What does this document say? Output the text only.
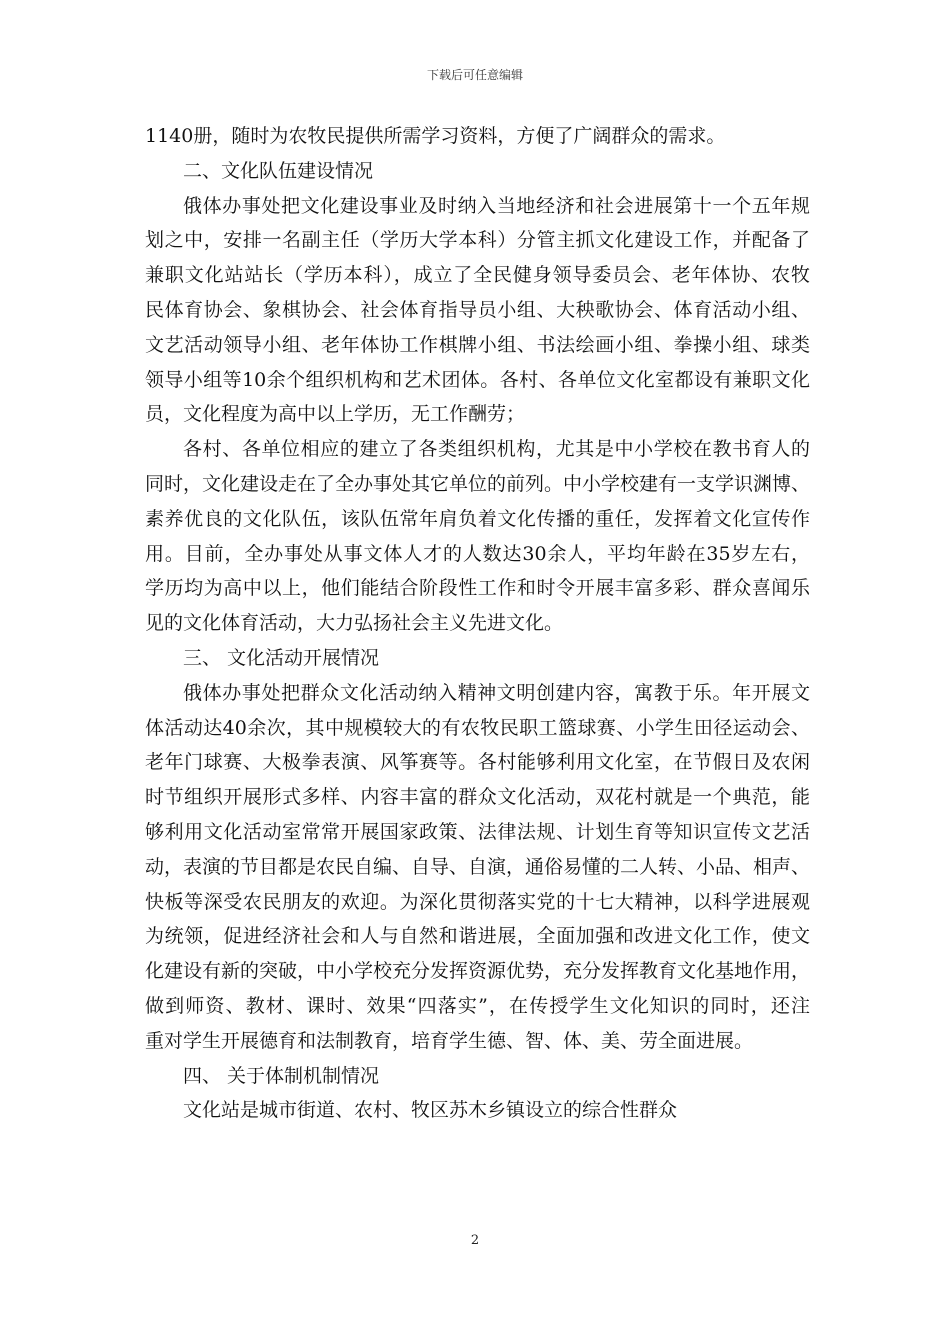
下载后可任意编辑
1140册，随时为农牧民提供所需学习资料，方便了广阔群众的需求。
二、文化队伍建设情况
俄体办事处把文化建设事业及时纳入当地经济和社会进展第十一个五年规
划之中，安排一名副主任（学历大学本科）分管主抓文化建设工作，并配备了
兼职文化站站长（学历本科），成立了全民健身领导委员会、老年体协、农牧
民体育协会、象棋协会、社会体育指导员小组、大秧歌协会、体育活动小组、
文艺活动领导小组、老年体协工作棋牌小组、书法绘画小组、拳操小组、球类
领导小组等10余个组织机构和艺术团体。各村、各单位文化室都设有兼职文化
员，文化程度为高中以上学历，无工作酬劳；
各村、各单位相应的建立了各类组织机构，尤其是中小学校在教书育人的
同时，文化建设走在了全办事处其它单位的前列。中小学校建有一支学识渊博、
素养优良的文化队伍，该队伍常年肩负着文化传播的重任，发挥着文化宣传作
用。目前，全办事处从事文体人才的人数达30余人，平均年龄在35岁左右，
学历均为高中以上，他们能结合阶段性工作和时令开展丰富多彩、群众喜闻乐
见的文化体育活动，大力弘扬社会主义先进文化。
三、 文化活动开展情况
俄体办事处把群众文化活动纳入精神文明创建内容，寓教于乐。年开展文
体活动达40余次，其中规模较大的有农牧民职工篮球赛、小学生田径运动会、
老年门球赛、大极拳表演、风筝赛等。各村能够利用文化室，在节假日及农闲
时节组织开展形式多样、内容丰富的群众文化活动，双花村就是一个典范，能
够利用文化活动室常常开展国家政策、法律法规、计划生育等知识宣传文艺活
动，表演的节目都是农民自编、自导、自演，通俗易懂的二人转、小品、相声、
快板等深受农民朋友的欢迎。为深化贯彻落实党的十七大精神，以科学进展观
为统领，促进经济社会和人与自然和谐进展，全面加强和改进文化工作，使文
化建设有新的突破，中小学校充分发挥资源优势，充分发挥教育文化基地作用，
做到师资、教材、课时、效果“四落实”，在传授学生文化知识的同时，还注
重对学生开展德育和法制教育，培育学生德、智、体、美、劳全面进展。
四、 关于体制机制情况
文化站是城市街道、农村、牧区苏木乡镇设立的综合性群众
2
